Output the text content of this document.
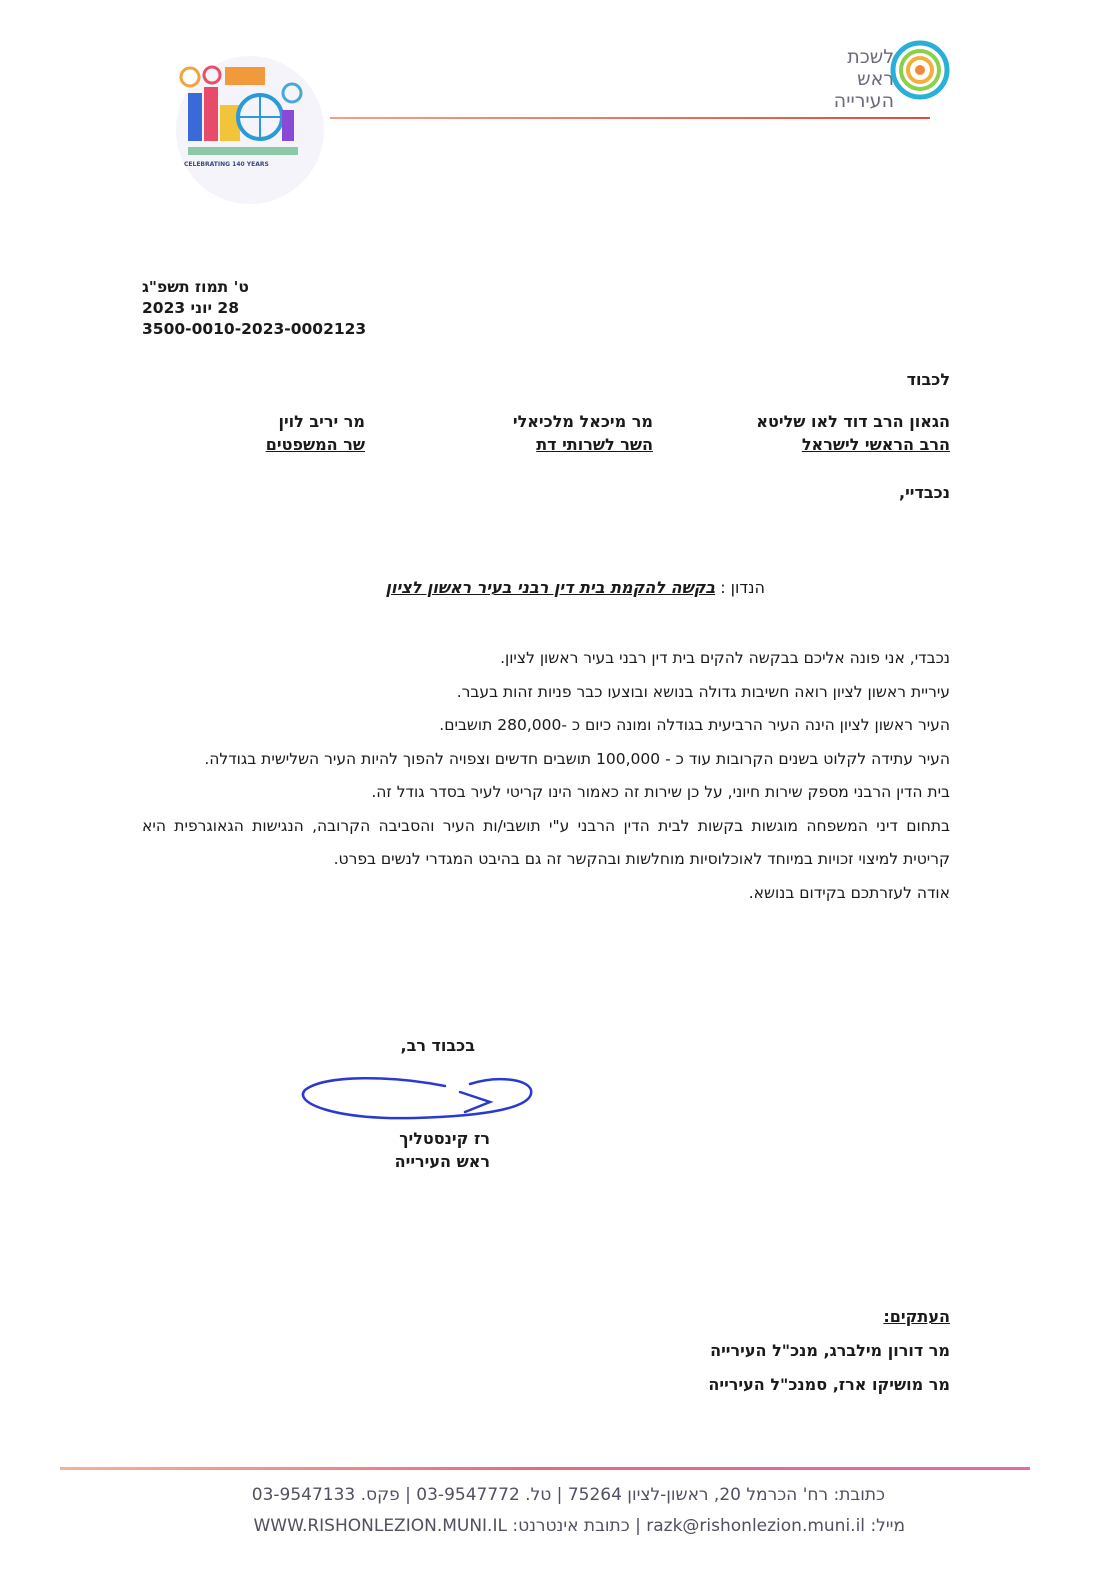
CELEBRATING 140 YEARS
לשכת
ראש
העירייה
ט' תמוז תשפ"ג
28 יוני 2023
3500-0010-2023-0002123
לכבוד
הגאון הרב דוד לאו שליטא
הרב הראשי לישראל
מר מיכאל מלכיאלי
השר לשרותי דת
מר יריב לוין
שר המשפטים
נכבדיי,
הנדון : בקשה להקמת בית דין רבני בעיר ראשון לציון

נכבדי, אני פונה אליכם בבקשה להקים בית דין רבני בעיר ראשון לציון.

עיריית ראשון לציון רואה חשיבות גדולה בנושא ובוצעו כבר פניות זהות בעבר.

העיר ראשון לציון הינה העיר הרביעית בגודלה ומונה כיום כ -280,000 תושבים.

העיר עתידה לקלוט בשנים הקרובות עוד כ - 100,000 תושבים חדשים וצפויה להפוך להיות העיר השלישית בגודלה.

בית הדין הרבני מספק שירות חיוני, על כן שירות זה כאמור הינו קריטי לעיר בסדר גודל זה.

בתחום דיני המשפחה מוגשות בקשות לבית הדין הרבני ע"י תושבי/ות העיר והסביבה הקרובה, הנגישות הגאוגרפית היא קריטית למיצוי זכויות במיוחד לאוכלוסיות מוחלשות ובהקשר זה גם בהיבט המגדרי לנשים בפרט.

אודה לעזרתכם בקידום בנושא.

בכבוד רב,
רז קינסטליך
ראש העירייה
העתקים:
מר דורון מילברג, מנכ"ל העירייה
מר מושיקו ארז, סמנכ"ל העירייה
כתובת: רח' הכרמל 20, ראשון-לציון 75264 | טל. 03-9547772 | פקס. 03-9547133
מייל: razk@rishonlezion.muni.il | כתובת אינטרנט: WWW.RISHONLEZION.MUNI.IL
